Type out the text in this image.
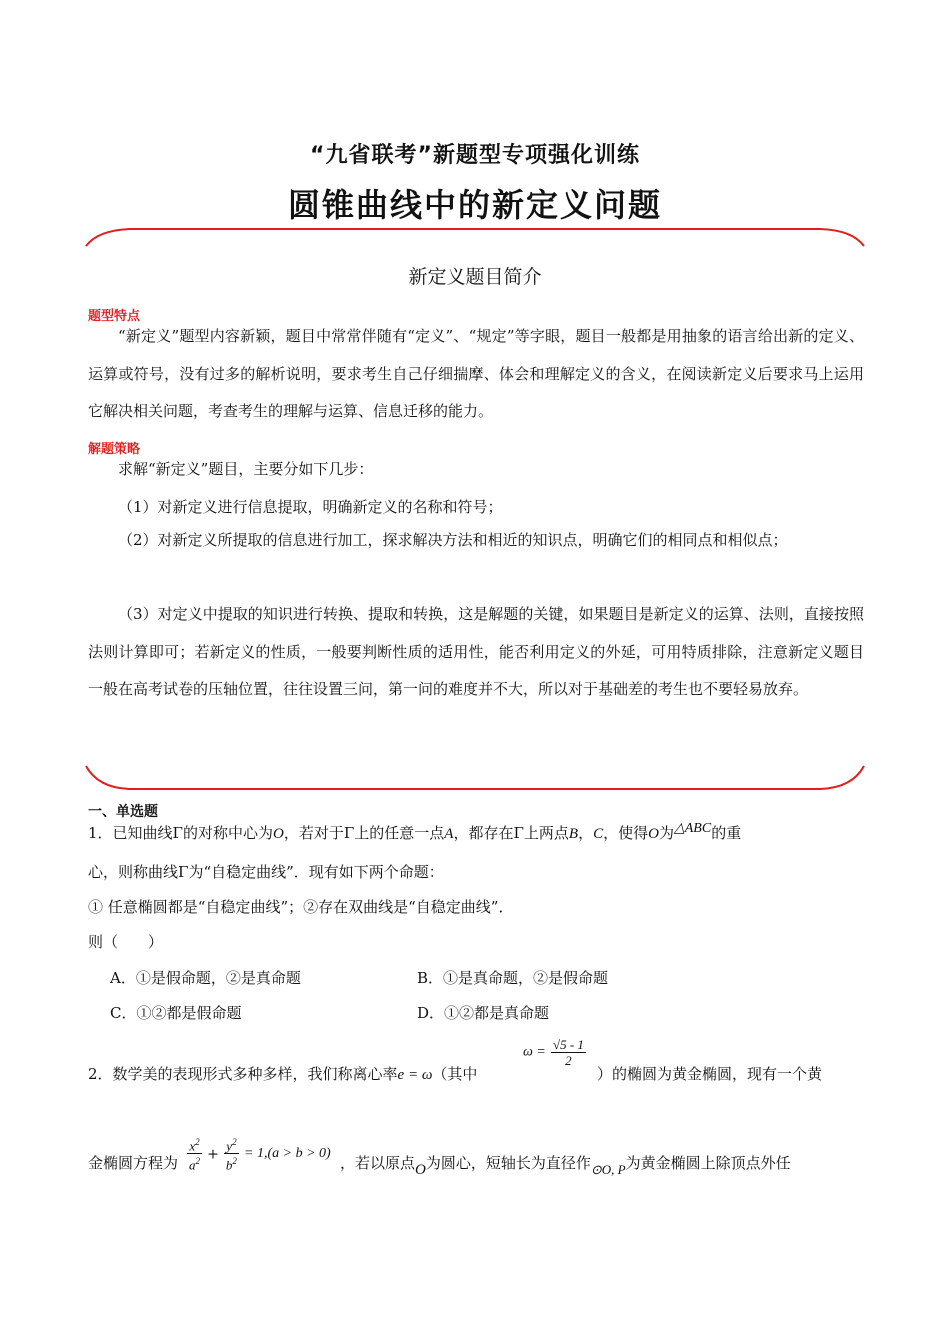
“九省联考”新题型专项强化训练
圆锥曲线中的新定义问题
新定义题目简介
题型特点
“新定义”题型内容新颖，题目中常常伴随有“定义”、“规定”等字眼，题目一般都是用抽象的语言给出新的定义、运算或符号，没有过多的解析说明，要求考生自己仔细揣摩、体会和理解定义的含义，在阅读新定义后要求马上运用它解决相关问题，考查考生的理解与运算、信息迁移的能力。
解题策略
求解“新定义”题目，主要分如下几步：
（1）对新定义进行信息提取，明确新定义的名称和符号；
（2）对新定义所提取的信息进行加工，探求解决方法和相近的知识点，明确它们的相同点和相似点；
（3）对定义中提取的知识进行转换、提取和转换，这是解题的关键，如果题目是新定义的运算、法则，直接按照法则计算即可；若新定义的性质，一般要判断性质的适用性，能否利用定义的外延，可用特质排除，注意新定义题目一般在高考试卷的压轴位置，往往设置三问，第一问的难度并不大，所以对于基础差的考生也不要轻易放弃。
一、单选题
1．已知曲线Γ的对称中心为O，若对于Γ上的任意一点A，都存在Γ上两点B，C，使得O为△ABC的重
心，则称曲线Γ为“自稳定曲线”．现有如下两个命题：
① 任意椭圆都是“自稳定曲线”；②存在双曲线是“自稳定曲线”．
则（　　）
A．①是假命题，②是真命题	B．①是真命题，②是假命题
C．①②都是假命题	D．①②都是真命题
2．数学美的表现形式多种多样，我们称离心率e = ω（其中
$\omega = \frac{√5 - 1}{2}$
）的椭圆为黄金椭圆，现有一个黄
金椭圆方程为 $\frac{x^2}{a^2} + \frac{y^2}{b^2} = 1,(a > b > 0)$
，若以原点O为圆心，短轴长为直径作⊙O, P为黄金椭圆上除顶点外任
